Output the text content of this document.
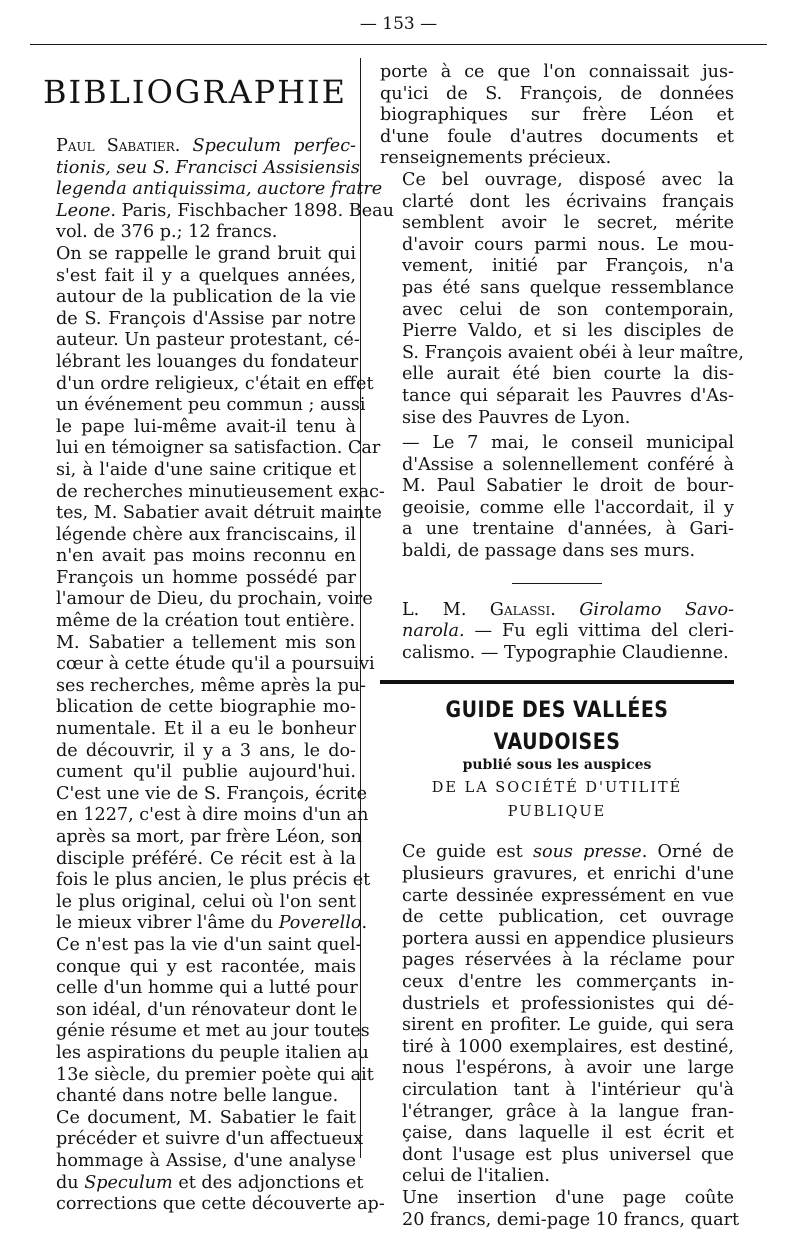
— 153 —
BIBLIOGRAPHIE

Paul Sabatier. Speculum perfec-
tionis, seu S. Francisci Assisiensis
legenda antiquissima, auctore fratre
Leone. Paris, Fischbacher 1898. Beau
vol. de 376 p.; 12 francs.

On se rappelle le grand bruit qui
s'est fait il y a quelques années,
autour de la publication de la vie
de S. François d'Assise par notre
auteur. Un pasteur protestant, cé-
lébrant les louanges du fondateur
d'un ordre religieux, c'était en effet
un événement peu commun ; aussi
le pape lui-même avait-il tenu à
lui en témoigner sa satisfaction. Car
si, à l'aide d'une saine critique et
de recherches minutieusement exac-
tes, M. Sabatier avait détruit mainte
légende chère aux franciscains, il
n'en avait pas moins reconnu en
François un homme possédé par
l'amour de Dieu, du prochain, voire
même de la création tout entière.

M. Sabatier a tellement mis son
cœur à cette étude qu'il a poursuivi
ses recherches, même après la pu-
blication de cette biographie mo-
numentale. Et il a eu le bonheur
de découvrir, il y a 3 ans, le do-
cument qu'il publie aujourd'hui.
C'est une vie de S. François, écrite
en 1227, c'est à dire moins d'un an
après sa mort, par frère Léon, son
disciple préféré. Ce récit est à la
fois le plus ancien, le plus précis et
le plus original, celui où l'on sent
le mieux vibrer l'âme du Poverello.
Ce n'est pas la vie d'un saint quel-
conque qui y est racontée, mais
celle d'un homme qui a lutté pour
son idéal, d'un rénovateur dont le
génie résume et met au jour toutes
les aspirations du peuple italien au
13e siècle, du premier poète qui ait
chanté dans notre belle langue.

Ce document, M. Sabatier le fait
précéder et suivre d'un affectueux
hommage à Assise, d'une analyse
du Speculum et des adjonctions et
corrections que cette découverte ap-

porte à ce que l'on connaissait jus-
qu'ici de S. François, de données
biographiques sur frère Léon et
d'une foule d'autres documents et
renseignements précieux.

Ce bel ouvrage, disposé avec la
clarté dont les écrivains français
semblent avoir le secret, mérite
d'avoir cours parmi nous. Le mou-
vement, initié par François, n'a
pas été sans quelque ressemblance
avec celui de son contemporain,
Pierre Valdo, et si les disciples de
S. François avaient obéi à leur maître,
elle aurait été bien courte la dis-
tance qui séparait les Pauvres d'As-
sise des Pauvres de Lyon.

— Le 7 mai, le conseil municipal
d'Assise a solennellement conféré à
M. Paul Sabatier le droit de bour-
geoisie, comme elle l'accordait, il y
a une trentaine d'années, à Gari-
baldi, de passage dans ses murs.

L. M. Galassi. Girolamo Savo-
narola. — Fu egli vittima del cleri-
calismo. — Typographie Claudienne.

GUIDE DES VALLÉES VAUDOISES
publié sous les auspices
DE LA SOCIÉTÉ D'UTILITÉ PUBLIQUE

Ce guide est sous presse. Orné de
plusieurs gravures, et enrichi d'une
carte dessinée expressément en vue
de cette publication, cet ouvrage
portera aussi en appendice plusieurs
pages réservées à la réclame pour
ceux d'entre les commerçants in-
dustriels et professionistes qui dé-
sirent en profiter. Le guide, qui sera
tiré à 1000 exemplaires, est destiné,
nous l'espérons, à avoir une large
circulation tant à l'intérieur qu'à
l'étranger, grâce à la langue fran-
çaise, dans laquelle il est écrit et
dont l'usage est plus universel que
celui de l'italien.

Une insertion d'une page coûte
20 francs, demi-page 10 francs, quart
